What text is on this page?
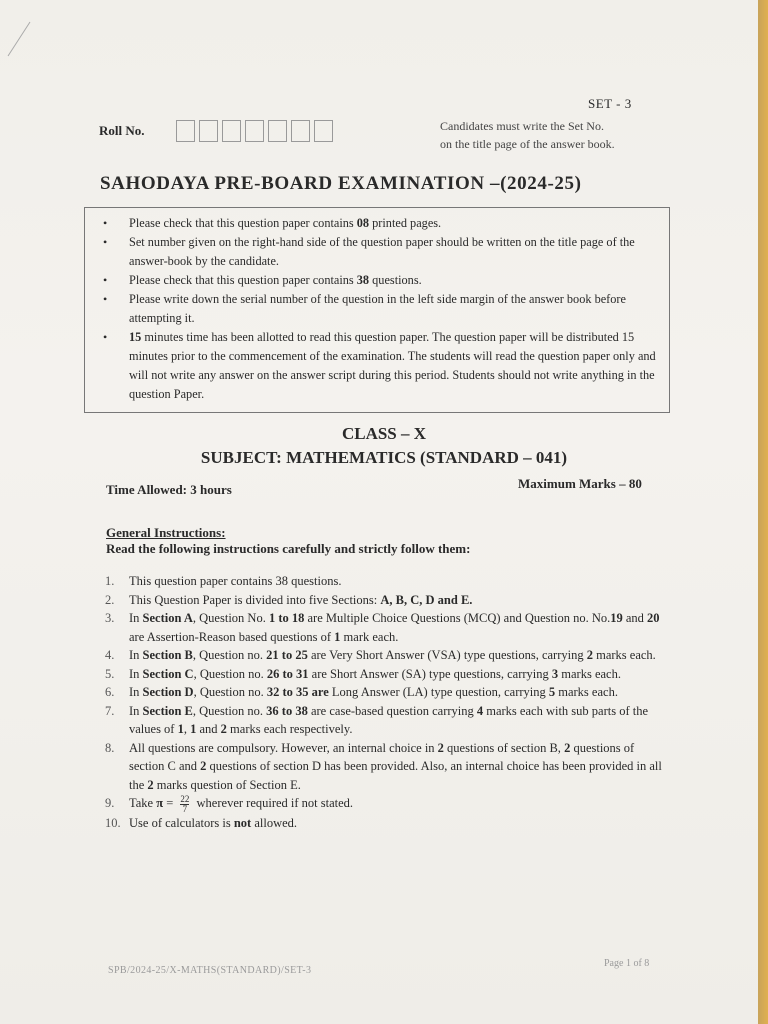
SET - 3
Roll No.	Candidates must write the Set No.
on the title page of the answer book.
SAHODAYA PRE-BOARD EXAMINATION –(2024-25)
• Please check that this question paper contains 08 printed pages.
• Set number given on the right-hand side of the question paper should be written on the title page of the answer-book by the candidate.
• Please check that this question paper contains 38 questions.
• Please write down the serial number of the question in the left side margin of the answer book before attempting it.
• 15 minutes time has been allotted to read this question paper. The question paper will be distributed 15 minutes prior to the commencement of the examination. The students will read the question paper only and will not write any answer on the answer script during this period. Students should not write anything in the question Paper.
CLASS – X
SUBJECT: MATHEMATICS (STANDARD – 041)
Time Allowed: 3 hours	Maximum Marks – 80
General Instructions:
Read the following instructions carefully and strictly follow them:
1. This question paper contains 38 questions.
2. This Question Paper is divided into five Sections: A, B, C, D and E.
3. In Section A, Question No. 1 to 18 are Multiple Choice Questions (MCQ) and Question no. No.19 and 20 are Assertion-Reason based questions of 1 mark each.
4. In Section B, Question no. 21 to 25 are Very Short Answer (VSA) type questions, carrying 2 marks each.
5. In Section C, Question no. 26 to 31 are Short Answer (SA) type questions, carrying 3 marks each.
6. In Section D, Question no. 32 to 35 are Long Answer (LA) type question, carrying 5 marks each.
7. In Section E, Question no. 36 to 38 are case-based question carrying 4 marks each with sub parts of the values of 1, 1 and 2 marks each respectively.
8. All questions are compulsory. However, an internal choice in 2 questions of section B, 2 questions of section C and 2 questions of section D has been provided. Also, an internal choice has been provided in all the 2 marks question of Section E.
9. Take $\pi = \frac{22}{7}$ wherever required if not stated.
10. Use of calculators is not allowed.
SPB/2024-25/X-MATHS(STANDARD)/SET-3
Page 1 of 8
